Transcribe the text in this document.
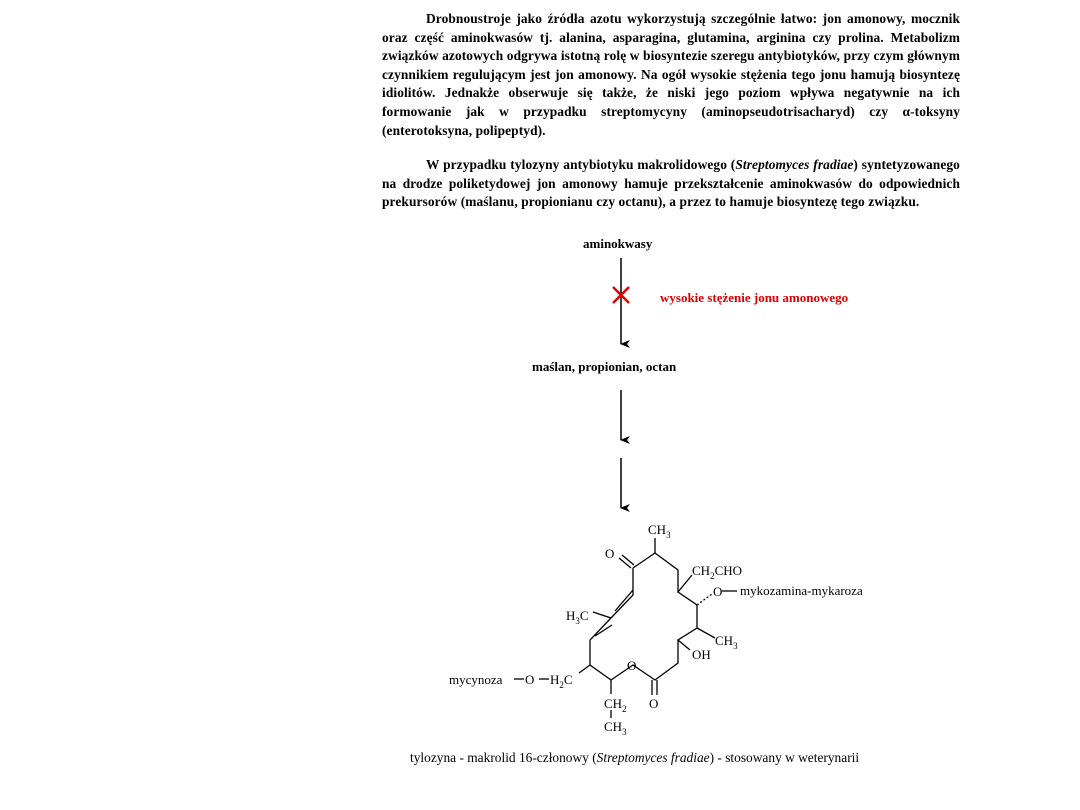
Drobnoustroje jako źródła azotu wykorzystują szczególnie łatwo: jon amonowy, mocznik oraz część aminokwasów tj. alanina, asparagina, glutamina, arginina czy prolina. Metabolizm związków azotowych odgrywa istotną rolę w biosyntezie szeregu antybiotyków, przy czym głównym czynnikiem regulującym jest jon amonowy. Na ogół wysokie stężenia tego jonu hamują biosyntezę idiolitów. Jednakże obserwuje się także, że niski jego poziom wpływa negatywnie na ich formowanie jak w przypadku streptomycyny (aminopseudotrisacharyd) czy α-toksyny (enterotoksyna, polipeptyd).
W przypadku tylozyny antybiotyku makrolidowego (Streptomyces fradiae) syntetyzowanego na drodze poliketydowej jon amonowy hamuje przekształcenie aminokwasów do odpowiednich prekursorów (maślanu, propionianu czy octanu), a przez to hamuje biosyntezę tego związku.
aminokwasy
wysokie stężenie jonu amonowego
maślan, propionian, octan
$CH_3$
O
$CH_2CHO$
O mykozamina-mykaroza
$H_3C$
$CH_3$
OH
O
O
mycynoza O $H_2C$
$CH_2$
$CH_3$
tylozyna - makrolid 16-członowy (Streptomyces fradiae) - stosowany w weterynarii
